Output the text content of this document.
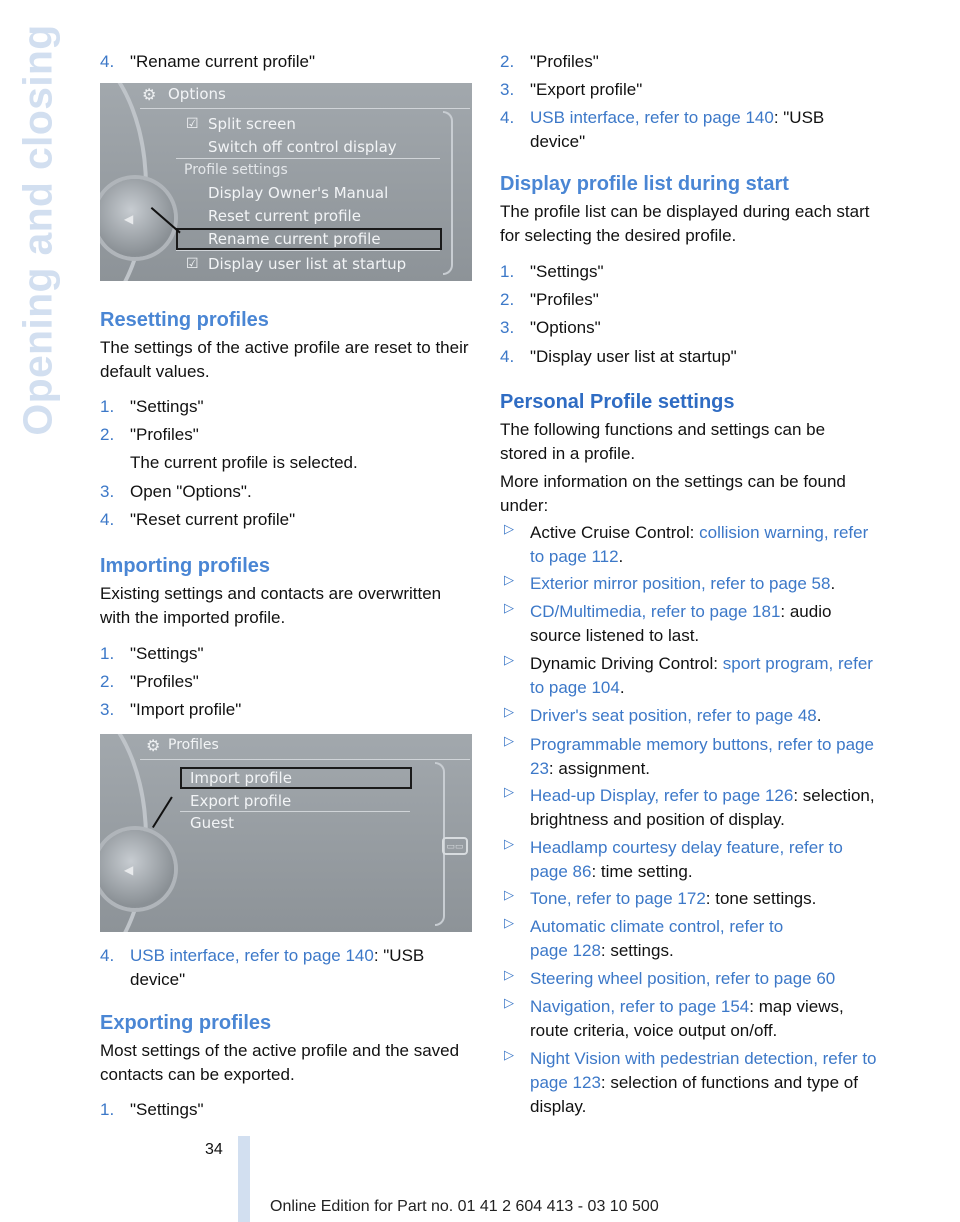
Opening and closing 4. "Rename current profile"
◀
⚙ Options
☑ Split screen
Switch off control display
Profile settings
Display Owner's Manual
Reset current profile
Rename current profile
☑ Display user list at startup
Resetting profiles

The settings of the active profile are reset to their default values.

1. "Settings"
2. "Profiles"
The current profile is selected.
3. Open "Options".
4. "Reset current profile"
Importing profiles

Existing settings and contacts are overwritten with the imported profile.

1. "Settings"
2. "Profiles"
3. "Import profile"
◀
▭▭
⚙ Profiles
Import profile
Export profile
Guest
4. USB interface, refer to page 140: "USB device"
Exporting profiles

Most settings of the active profile and the saved contacts can be exported.

1. "Settings"
2. "Profiles"
3. "Export profile"
4. USB interface, refer to page 140: "USB device"
Display profile list during start

The profile list can be displayed during each start for selecting the desired profile.

1. "Settings"
2. "Profiles"
3. "Options"
4. "Display user list at startup"
Personal Profile settings

The following functions and settings can be stored in a profile.

More information on the settings can be found under:

▷ Active Cruise Control: collision warning, refer to page 112.
▷ Exterior mirror position, refer to page 58.
▷ CD/Multimedia, refer to page 181: audio source listened to last.
▷ Dynamic Driving Control: sport program, refer to page 104.
▷ Driver's seat position, refer to page 48.
▷ Programmable memory buttons, refer to page 23: assignment.
▷ Head-up Display, refer to page 126: selection, brightness and position of display.
▷ Headlamp courtesy delay feature, refer to page 86: time setting.
▷ Tone, refer to page 172: tone settings.
▷ Automatic climate control, refer to page 128: settings.
▷ Steering wheel position, refer to page 60
▷ Navigation, refer to page 154: map views, route criteria, voice output on/off.
▷ Night Vision with pedestrian detection, refer to page 123: selection of functions and type of display.
34
Online Edition for Part no. 01 41 2 604 413 - 03 10 500
